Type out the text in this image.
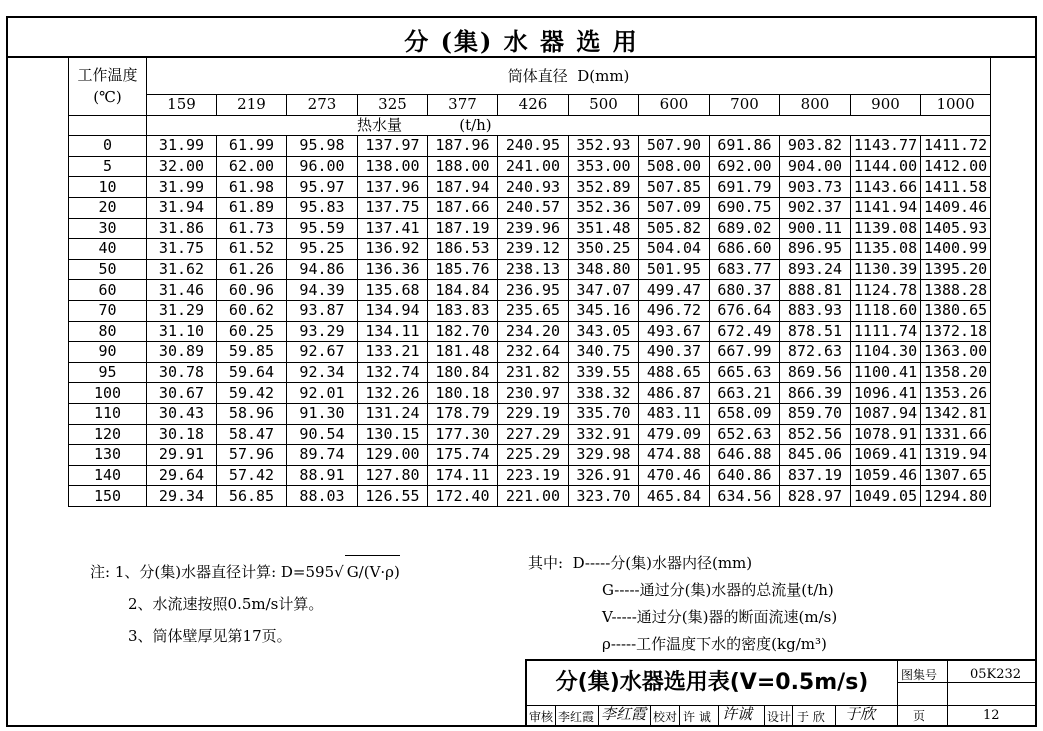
分 (集) 水 器 选 用
工作温度
(℃)	筒体直径  D(mm)											
	159	219	273	325	377	426	500	600	700	800	900	1000
	热水量            (t/h)											
0	31.99	61.99	95.98	137.97	187.96	240.95	352.93	507.90	691.86	903.82	1143.77	1411.72
5	32.00	62.00	96.00	138.00	188.00	241.00	353.00	508.00	692.00	904.00	1144.00	1412.00
10	31.99	61.98	95.97	137.96	187.94	240.93	352.89	507.85	691.79	903.73	1143.66	1411.58
20	31.94	61.89	95.83	137.75	187.66	240.57	352.36	507.09	690.75	902.37	1141.94	1409.46
30	31.86	61.73	95.59	137.41	187.19	239.96	351.48	505.82	689.02	900.11	1139.08	1405.93
40	31.75	61.52	95.25	136.92	186.53	239.12	350.25	504.04	686.60	896.95	1135.08	1400.99
50	31.62	61.26	94.86	136.36	185.76	238.13	348.80	501.95	683.77	893.24	1130.39	1395.20
60	31.46	60.96	94.39	135.68	184.84	236.95	347.07	499.47	680.37	888.81	1124.78	1388.28
70	31.29	60.62	93.87	134.94	183.83	235.65	345.16	496.72	676.64	883.93	1118.60	1380.65
80	31.10	60.25	93.29	134.11	182.70	234.20	343.05	493.67	672.49	878.51	1111.74	1372.18
90	30.89	59.85	92.67	133.21	181.48	232.64	340.75	490.37	667.99	872.63	1104.30	1363.00
95	30.78	59.64	92.34	132.74	180.84	231.82	339.55	488.65	665.63	869.56	1100.41	1358.20
100	30.67	59.42	92.01	132.26	180.18	230.97	338.32	486.87	663.21	866.39	1096.41	1353.26
110	30.43	58.96	91.30	131.24	178.79	229.19	335.70	483.11	658.09	859.70	1087.94	1342.81
120	30.18	58.47	90.54	130.15	177.30	227.29	332.91	479.09	652.63	852.56	1078.91	1331.66
130	29.91	57.96	89.74	129.00	175.74	225.29	329.98	474.88	646.88	845.06	1069.41	1319.94
140	29.64	57.42	88.91	127.80	174.11	223.19	326.91	470.46	640.86	837.19	1059.46	1307.65
150	29.34	56.85	88.03	126.55	172.40	221.00	323.70	465.84	634.56	828.97	1049.05	1294.80
注: 1、分(集)水器直径计算: D=595√ G/(V·ρ)
2、水流速按照0.5m/s计算。
3、筒体壁厚见第17页。
其中: D-----分(集)水器内径(mm)
G-----通过分(集)水器的总流量(t/h)
V-----通过分(集)器的断面流速(m/s)
ρ-----工作温度下水的密度(kg/m³)
分(集)水器选用表(V=0.5m/s)	图集号	05K232
页	12
审核 李红霞 李红霞 校对 许 诚 许诚 设计 于 欣 于欣
